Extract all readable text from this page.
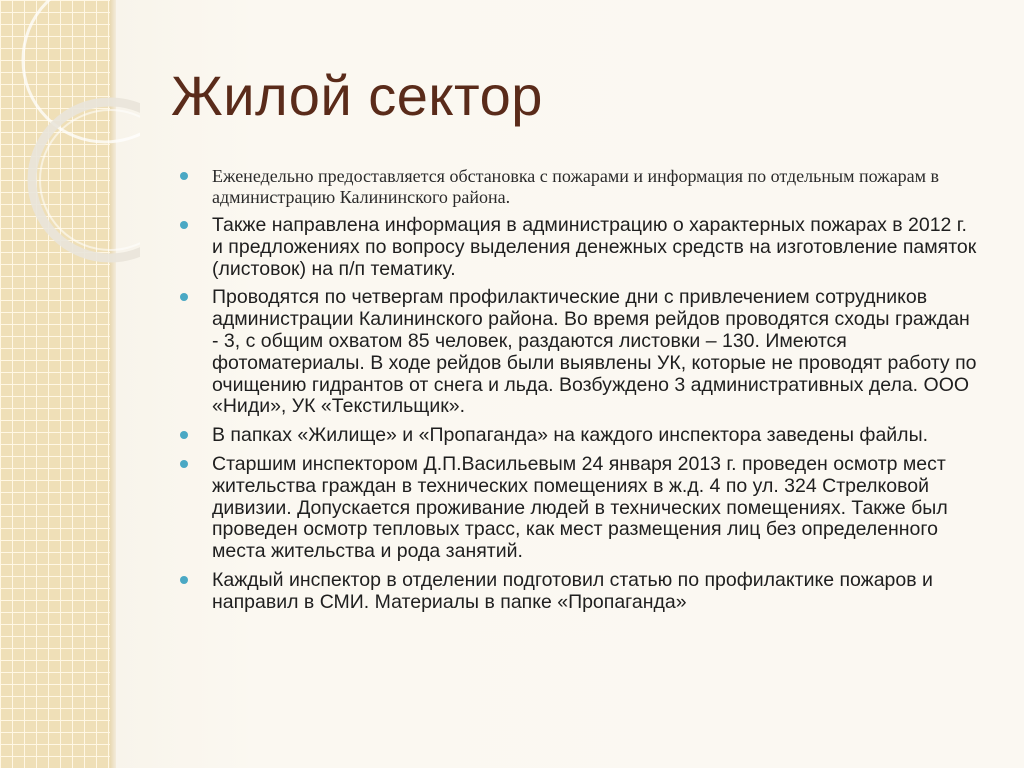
Жилой сектор
Еженедельно предоставляется обстановка с пожарами и информация по отдельным пожарам в администрацию Калининского района.
Также направлена информация в администрацию о характерных пожарах в 2012 г. и предложениях по вопросу выделения денежных средств на изготовление памяток (листовок) на п/п тематику.
Проводятся по четвергам профилактические дни с привлечением сотрудников администрации Калининского района. Во время рейдов проводятся сходы граждан - 3, с общим охватом 85 человек, раздаются листовки – 130. Имеются фотоматериалы. В ходе рейдов были выявлены УК, которые не проводят работу по очищению гидрантов от снега и льда. Возбуждено 3 административных дела. ООО «Ниди», УК «Текстильщик».
В папках «Жилище» и «Пропаганда» на каждого инспектора заведены файлы.
Старшим инспектором Д.П.Васильевым 24 января 2013 г. проведен осмотр мест жительства граждан в технических помещениях в ж.д. 4 по ул. 324 Стрелковой дивизии. Допускается проживание людей в технических помещениях. Также был проведен осмотр тепловых трасс, как мест размещения лиц без определенного места жительства и рода занятий.
Каждый инспектор в отделении подготовил статью по профилактике пожаров и направил в СМИ. Материалы в папке «Пропаганда»
